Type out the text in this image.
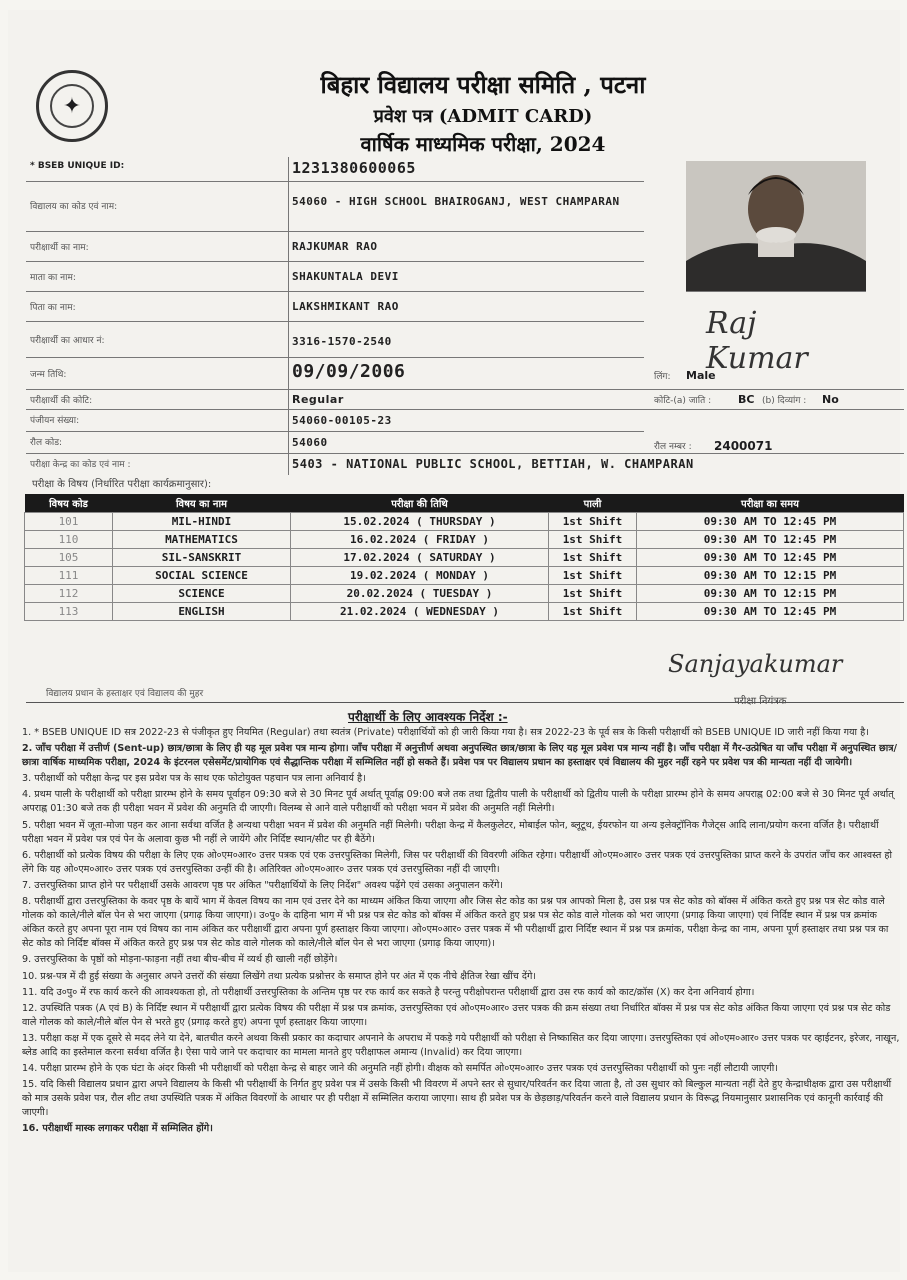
✦
बिहार विद्यालय परीक्षा समिति , पटना
प्रवेश पत्र (ADMIT CARD)
वार्षिक माध्यमिक परीक्षा, 2024
* BSEB UNIQUE ID:	1231380600065
विद्यालय का कोड एवं नाम:	54060 - HIGH SCHOOL BHAIROGANJ, WEST CHAMPARAN
परीक्षार्थी का नाम:	RAJKUMAR RAO
माता का नाम:	SHAKUNTALA DEVI
पिता का नाम:	LAKSHMIKANT RAO
परीक्षार्थी का आधार नं:	3316-1570-2540
जन्म तिथि:	09/09/2006	लिंग: Male
परीक्षार्थी की कोटि:	Regular	कोटि-(a) जाति : BC (b) दिव्यांग : No
पंजीयन संख्या:	54060-00105-23
रौल कोड:	54060	रौल नम्बर : 2400071
परीक्षा केन्द्र का कोड एवं नाम :	5403 - NATIONAL PUBLIC SCHOOL, BETTIAH, W. CHAMPARAN
Raj Kumar
परीक्षा के विषय (निर्धारित परीक्षा कार्यक्रमानुसार):
विषय कोड	विषय का नाम	परीक्षा की तिथि	पाली	परीक्षा का समय
101	MIL-HINDI	15.02.2024 ( THURSDAY )	1st Shift	09:30 AM TO 12:45 PM
110	MATHEMATICS	16.02.2024 ( FRIDAY )	1st Shift	09:30 AM TO 12:45 PM
105	SIL-SANSKRIT	17.02.2024 ( SATURDAY )	1st Shift	09:30 AM TO 12:45 PM
111	SOCIAL SCIENCE	19.02.2024 ( MONDAY )	1st Shift	09:30 AM TO 12:15 PM
112	SCIENCE	20.02.2024 ( TUESDAY )	1st Shift	09:30 AM TO 12:15 PM
113	ENGLISH	21.02.2024 ( WEDNESDAY )	1st Shift	09:30 AM TO 12:45 PM
Sanjayakumar
विद्यालय प्रधान के हस्ताक्षर एवं विद्यालय की मुहर
परीक्षार्थी के लिए आवश्यक निर्देश :-

1. * BSEB UNIQUE ID सत्र 2022-23 से पंजीकृत हुए नियमित (Regular) तथा स्वतंत्र (Private) परीक्षार्थियों को ही जारी किया गया है। सत्र 2022-23 के पूर्व सत्र के किसी परीक्षार्थी को BSEB UNIQUE ID जारी नहीं किया गया है।

2. जाँच परीक्षा में उत्तीर्ण (Sent-up) छात्र/छात्रा के लिए ही यह मूल प्रवेश पत्र मान्य होगा। जाँच परीक्षा में अनुत्तीर्ण अथवा अनुपस्थित छात्र/छात्रा के लिए यह मूल प्रवेश पत्र मान्य नहीं है। जाँच परीक्षा में गैर-उत्प्रेषित या जाँच परीक्षा में अनुपस्थित छात्र/छात्रा वार्षिक माध्यमिक परीक्षा, 2024 के इंटरनल एसेसमेंट/प्रायोगिक एवं सैद्धान्तिक परीक्षा में सम्मिलित नहीं हो सकते हैं। प्रवेश पत्र पर विद्यालय प्रधान का हस्ताक्षर एवं विद्यालय की मुहर नहीं रहने पर प्रवेश पत्र की मान्यता नहीं दी जायेगी।

3. परीक्षार्थी को परीक्षा केन्द्र पर इस प्रवेश पत्र के साथ एक फोटोयुक्त पहचान पत्र लाना अनिवार्य है।

4. प्रथम पाली के परीक्षार्थी को परीक्षा प्रारम्भ होने के समय पूर्वाहन 09:30 बजे से 30 मिनट पूर्व अर्थात् पूर्वाह्न 09:00 बजे तक तथा द्वितीय पाली के परीक्षार्थी को द्वितीय पाली के परीक्षा प्रारम्भ होने के समय अपराह्न 02:00 बजे से 30 मिनट पूर्व अर्थात् अपराह्न 01:30 बजे तक ही परीक्षा भवन में प्रवेश की अनुमति दी जाएगी। विलम्ब से आने वाले परीक्षार्थी को परीक्षा भवन में प्रवेश की अनुमति नहीं मिलेगी।

5. परीक्षा भवन में जूता-मोजा पहन कर आना सर्वथा वर्जित है अन्यथा परीक्षा भवन में प्रवेश की अनुमति नहीं मिलेगी। परीक्षा केन्द्र में कैलकुलेटर, मोबाईल फोन, ब्लूटूथ, ईयरफोन या अन्य इलेक्ट्रॉनिक गैजेट्स आदि लाना/प्रयोग करना वर्जित है। परीक्षार्थी परीक्षा भवन में प्रवेश पत्र एवं पेन के अलावा कुछ भी नहीं ले जायेंगे और निर्दिष्ट स्थान/सीट पर ही बैठेंगे।

6. परीक्षार्थी को प्रत्येक विषय की परीक्षा के लिए एक ओ०एम०आर० उत्तर पत्रक एवं एक उत्तरपुस्तिका मिलेगी, जिस पर परीक्षार्थी की विवरणी अंकित रहेगा। परीक्षार्थी ओ०एम०आर० उत्तर पत्रक एवं उत्तरपुस्तिका प्राप्त करने के उपरांत जाँच कर आश्वस्त हो लेंगे कि यह ओ०एम०आर० उत्तर पत्रक एवं उत्तरपुस्तिका उन्हीं की है। अतिरिक्त ओ०एम०आर० उत्तर पत्रक एवं उत्तरपुस्तिका नहीं दी जाएगी।

7. उत्तरपुस्तिका प्राप्त होने पर परीक्षार्थी उसके आवरण पृष्ठ पर अंकित "परीक्षार्थियों के लिए निर्देश" अवश्य पढ़ेंगे एवं उसका अनुपालन करेंगे।

8. परीक्षार्थी द्वारा उत्तरपुस्तिका के कवर पृष्ठ के बायें भाग में केवल विषय का नाम एवं उत्तर देने का माध्यम अंकित किया जाएगा और जिस सेट कोड का प्रश्न पत्र आपको मिला है, उस प्रश्न पत्र सेट कोड को बॉक्स में अंकित करते हुए प्रश्न पत्र सेट कोड वाले गोलक को काले/नीले बॉल पेन से भरा जाएगा (प्रगाढ़ किया जाएगा)। उ०पु० के दाहिना भाग में भी प्रश्न पत्र सेट कोड को बॉक्स में अंकित करते हुए प्रश्न पत्र सेट कोड वाले गोलक को भरा जाएगा (प्रगाढ़ किया जाएगा) एवं निर्दिष्ट स्थान में प्रश्न पत्र क्रमांक अंकित करते हुए अपना पूरा नाम एवं विषय का नाम अंकित कर परीक्षार्थी द्वारा अपना पूर्ण हस्ताक्षर किया जाएगा। ओ०एम०आर० उत्तर पत्रक में भी परीक्षार्थी द्वारा निर्दिष्ट स्थान में प्रश्न पत्र क्रमांक, परीक्षा केन्द्र का नाम, अपना पूर्ण हस्ताक्षर तथा प्रश्न पत्र का सेट कोड को निर्दिष्ट बॉक्स में अंकित करते हुए प्रश्न पत्र सेट कोड वाले गोलक को काले/नीले बॉल पेन से भरा जाएगा (प्रगाढ़ किया जाएगा)।

9. उत्तरपुस्तिका के पृष्ठों को मोड़ना-फाड़ना नहीं तथा बीच-बीच में व्यर्थ ही खाली नहीं छोड़ेंगे।

10. प्रश्न-पत्र में दी हुई संख्या के अनुसार अपने उत्तरों की संख्या लिखेंगे तथा प्रत्येक प्रश्नोत्तर के समाप्त होने पर अंत में एक नीचे क्षैतिज रेखा खींच देंगे।

11. यदि उ०पु० में रफ कार्य करने की आवश्यकता हो, तो परीक्षार्थी उत्तरपुस्तिका के अन्तिम पृष्ठ पर रफ कार्य कर सकते है परन्तु परीक्षोपरान्त परीक्षार्थी द्वारा उस रफ कार्य को काट/क्रॉस (X) कर देना अनिवार्य होगा।

12. उपस्थिति पत्रक (A एवं B) के निर्दिष्ट स्थान में परीक्षार्थी द्वारा प्रत्येक विषय की परीक्षा में प्रश्न पत्र क्रमांक, उत्तरपुस्तिका एवं ओ०एम०आर० उत्तर पत्रक की क्रम संख्या तथा निर्धारित बॉक्स में प्रश्न पत्र सेट कोड अंकित किया जाएगा एवं प्रश्न पत्र सेट कोड वाले गोलक को काले/नीले बॉल पेन से भरते हुए (प्रगाढ़ करते हुए) अपना पूर्ण हस्ताक्षर किया जाएगा।

13. परीक्षा कक्ष में एक दूसरे से मदद लेने या देने, बातचीत करने अथवा किसी प्रकार का कदाचार अपनाने के अपराध में पकड़े गये परीक्षार्थी को परीक्षा से निष्कासित कर दिया जाएगा। उत्तरपुस्तिका एवं ओ०एम०आर० उत्तर पत्रक पर व्हाईटनर, इरेजर, नाखून, ब्लेड आदि का इस्तेमाल करना सर्वथा वर्जित है। ऐसा पाये जाने पर कदाचार का मामला मानते हुए परीक्षाफल अमान्य (Invalid) कर दिया जाएगा।

14. परीक्षा प्रारम्भ होने के एक घंटा के अंदर किसी भी परीक्षार्थी को परीक्षा केन्द्र से बाहर जाने की अनुमति नहीं होगी। वीक्षक को समर्पित ओ०एम०आर० उत्तर पत्रक एवं उत्तरपुस्तिका परीक्षार्थी को पुनः नहीं लौटायी जाएगी।

15. यदि किसी विद्यालय प्रधान द्वारा अपने विद्यालय के किसी भी परीक्षार्थी के निर्गत हुए प्रवेश पत्र में उसके किसी भी विवरण में अपने स्तर से सुधार/परिवर्तन कर दिया जाता है, तो उस सुधार को बिल्कुल मान्यता नहीं देते हुए केन्द्राधीक्षक द्वारा उस परीक्षार्थी को मात्र उसके प्रवेश पत्र, रौल शीट तथा उपस्थिति पत्रक में अंकित विवरणों के आधार पर ही परीक्षा में सम्मिलित कराया जाएगा। साथ ही प्रवेश पत्र के छेड़छाड़/परिवर्तन करने वाले विद्यालय प्रधान के विरूद्ध नियमानुसार प्रशासनिक एवं कानूनी कार्रवाई की जाएगी।

16. परीक्षार्थी मास्क लगाकर परीक्षा में सम्मिलित होंगे।
